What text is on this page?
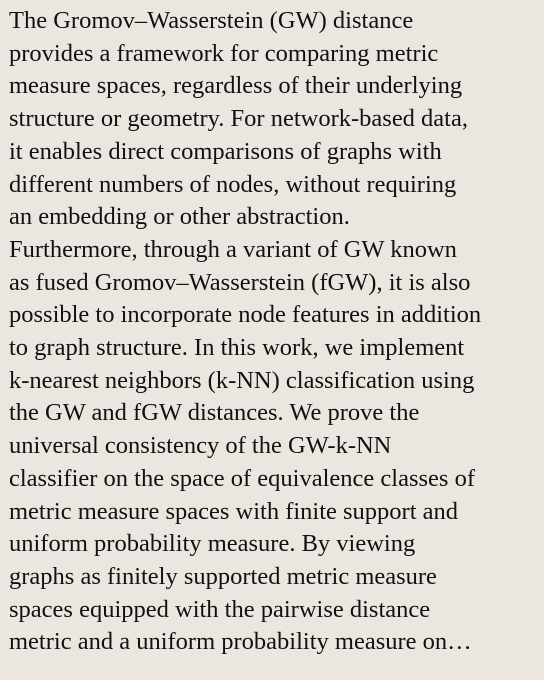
The Gromov–Wasserstein (GW) distance
provides a framework for comparing metric
measure spaces, regardless of their underlying
structure or geometry. For network-based data,
it enables direct comparisons of graphs with
different numbers of nodes, without requiring
an embedding or other abstraction.
Furthermore, through a variant of GW known
as fused Gromov–Wasserstein (fGW), it is also
possible to incorporate node features in addition
to graph structure. In this work, we implement
k-nearest neighbors (k-NN) classification using
the GW and fGW distances. We prove the
universal consistency of the GW-k-NN
classifier on the space of equivalence classes of
metric measure spaces with finite support and
uniform probability measure. By viewing
graphs as finitely supported metric measure
spaces equipped with the pairwise distance
metric and a uniform probability measure on…
